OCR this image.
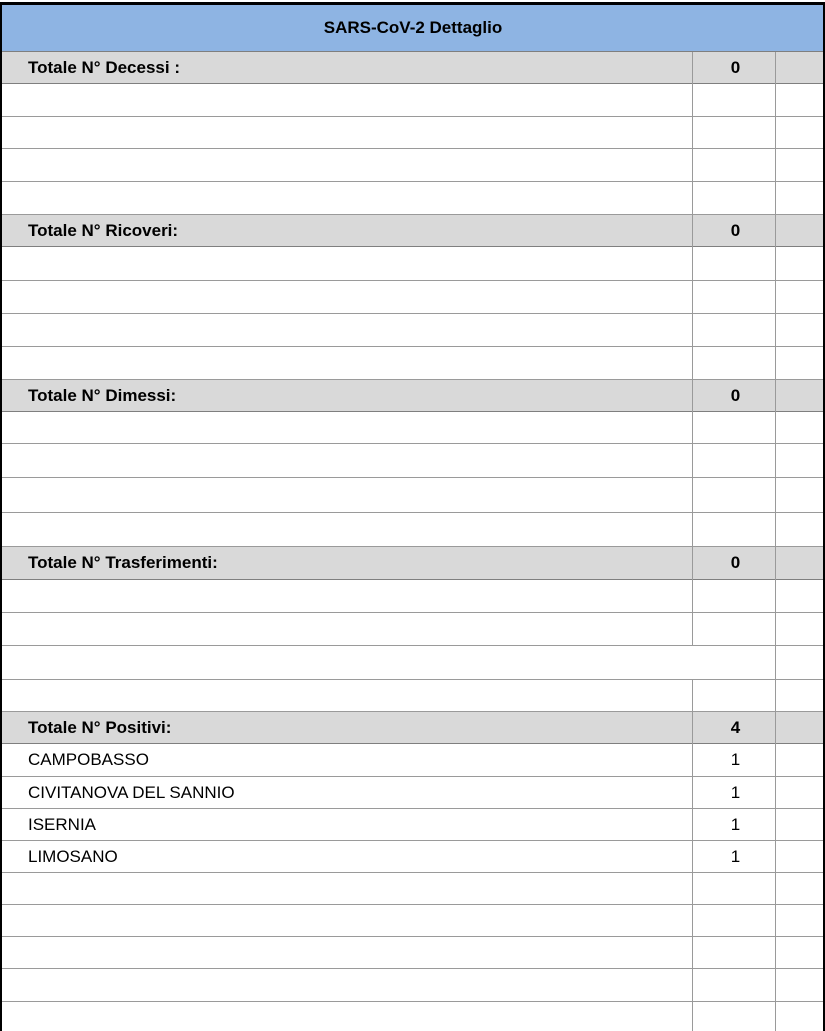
SARS-CoV-2 Dettaglio
Totale N° Decessi :	0
Totale N° Ricoveri:	0
Totale N° Dimessi:	0
Totale N° Trasferimenti:	0
Totale N° Positivi:	4
CAMPOBASSO	1
CIVITANOVA DEL SANNIO	1
ISERNIA	1
LIMOSANO	1
